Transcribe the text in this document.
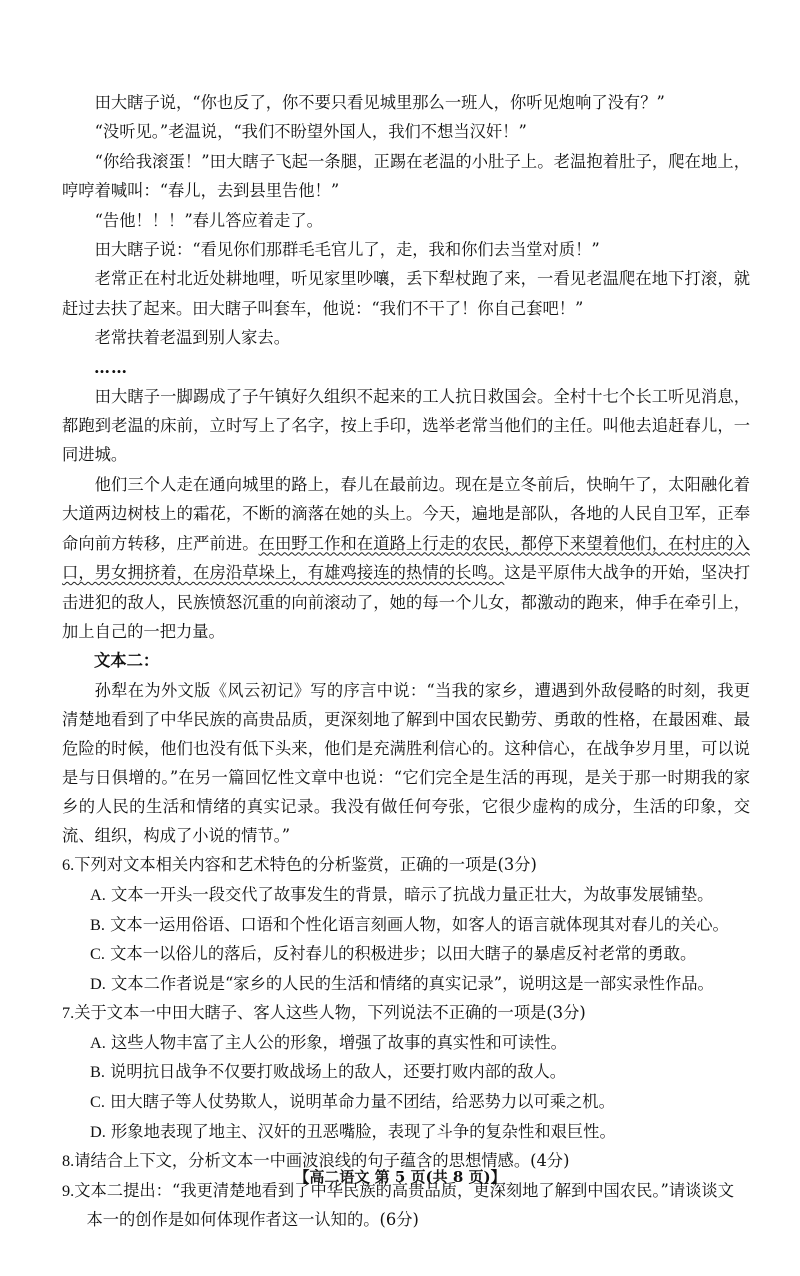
田大瞎子说，“你也反了，你不要只看见城里那么一班人，你听见炮响了没有？”

“没听见。”老温说，“我们不盼望外国人，我们不想当汉奸！”

“你给我滚蛋！”田大瞎子飞起一条腿，正踢在老温的小肚子上。老温抱着肚子，爬在地上，哼哼着喊叫：“春儿，去到县里告他！”

“告他！！！”春儿答应着走了。

田大瞎子说：“看见你们那群毛毛官儿了，走，我和你们去当堂对质！”

老常正在村北近处耕地哩，听见家里吵嚷，丢下犁杖跑了来，一看见老温爬在地下打滚，就赶过去扶了起来。田大瞎子叫套车，他说：“我们不干了！你自己套吧！”

老常扶着老温到别人家去。

……

田大瞎子一脚踢成了子午镇好久组织不起来的工人抗日救国会。全村十七个长工听见消息，都跑到老温的床前，立时写上了名字，按上手印，选举老常当他们的主任。叫他去追赶春儿，一同进城。

他们三个人走在通向城里的路上，春儿在最前边。现在是立冬前后，快晌午了，太阳融化着大道两边树枝上的霜花，不断的滴落在她的头上。今天，遍地是部队，各地的人民自卫军，正奉命向前方转移，庄严前进。在田野工作和在道路上行走的农民，都停下来望着他们，在村庄的入口，男女拥挤着，在房沿草垛上，有雄鸡接连的热情的长鸣。这是平原伟大战争的开始，坚决打击进犯的敌人，民族愤怒沉重的向前滚动了，她的每一个儿女，都激动的跑来，伸手在牵引上，加上自己的一把力量。

文本二：

孙犁在为外文版《风云初记》写的序言中说：“当我的家乡，遭遇到外敌侵略的时刻，我更清楚地看到了中华民族的高贵品质，更深刻地了解到中国农民勤劳、勇敢的性格，在最困难、最危险的时候，他们也没有低下头来，他们是充满胜利信心的。这种信心，在战争岁月里，可以说是与日俱增的。”在另一篇回忆性文章中也说：“它们完全是生活的再现，是关于那一时期我的家乡的人民的生活和情绪的真实记录。我没有做任何夸张，它很少虚构的成分，生活的印象，交流、组织，构成了小说的情节。”

6.下列对文本相关内容和艺术特色的分析鉴赏，正确的一项是(3分)

A. 文本一开头一段交代了故事发生的背景，暗示了抗战力量正壮大，为故事发展铺垫。

B. 文本一运用俗语、口语和个性化语言刻画人物，如客人的语言就体现其对春儿的关心。

C. 文本一以俗儿的落后，反衬春儿的积极进步；以田大瞎子的暴虐反衬老常的勇敢。

D. 文本二作者说是“家乡的人民的生活和情绪的真实记录”，说明这是一部实录性作品。

7.关于文本一中田大瞎子、客人这些人物，下列说法不正确的一项是(3分)

A. 这些人物丰富了主人公的形象，增强了故事的真实性和可读性。

B. 说明抗日战争不仅要打败战场上的敌人，还要打败内部的敌人。

C. 田大瞎子等人仗势欺人，说明革命力量不团结，给恶势力以可乘之机。

D. 形象地表现了地主、汉奸的丑恶嘴脸，表现了斗争的复杂性和艰巨性。

8.请结合上下文，分析文本一中画波浪线的句子蕴含的思想情感。(4分)

9.文本二提出：“我更清楚地看到了中华民族的高贵品质，更深刻地了解到中国农民。”请谈谈文本一的创作是如何体现作者这一认知的。(6分)

【高二语文 第 5 页(共 8 页)】
